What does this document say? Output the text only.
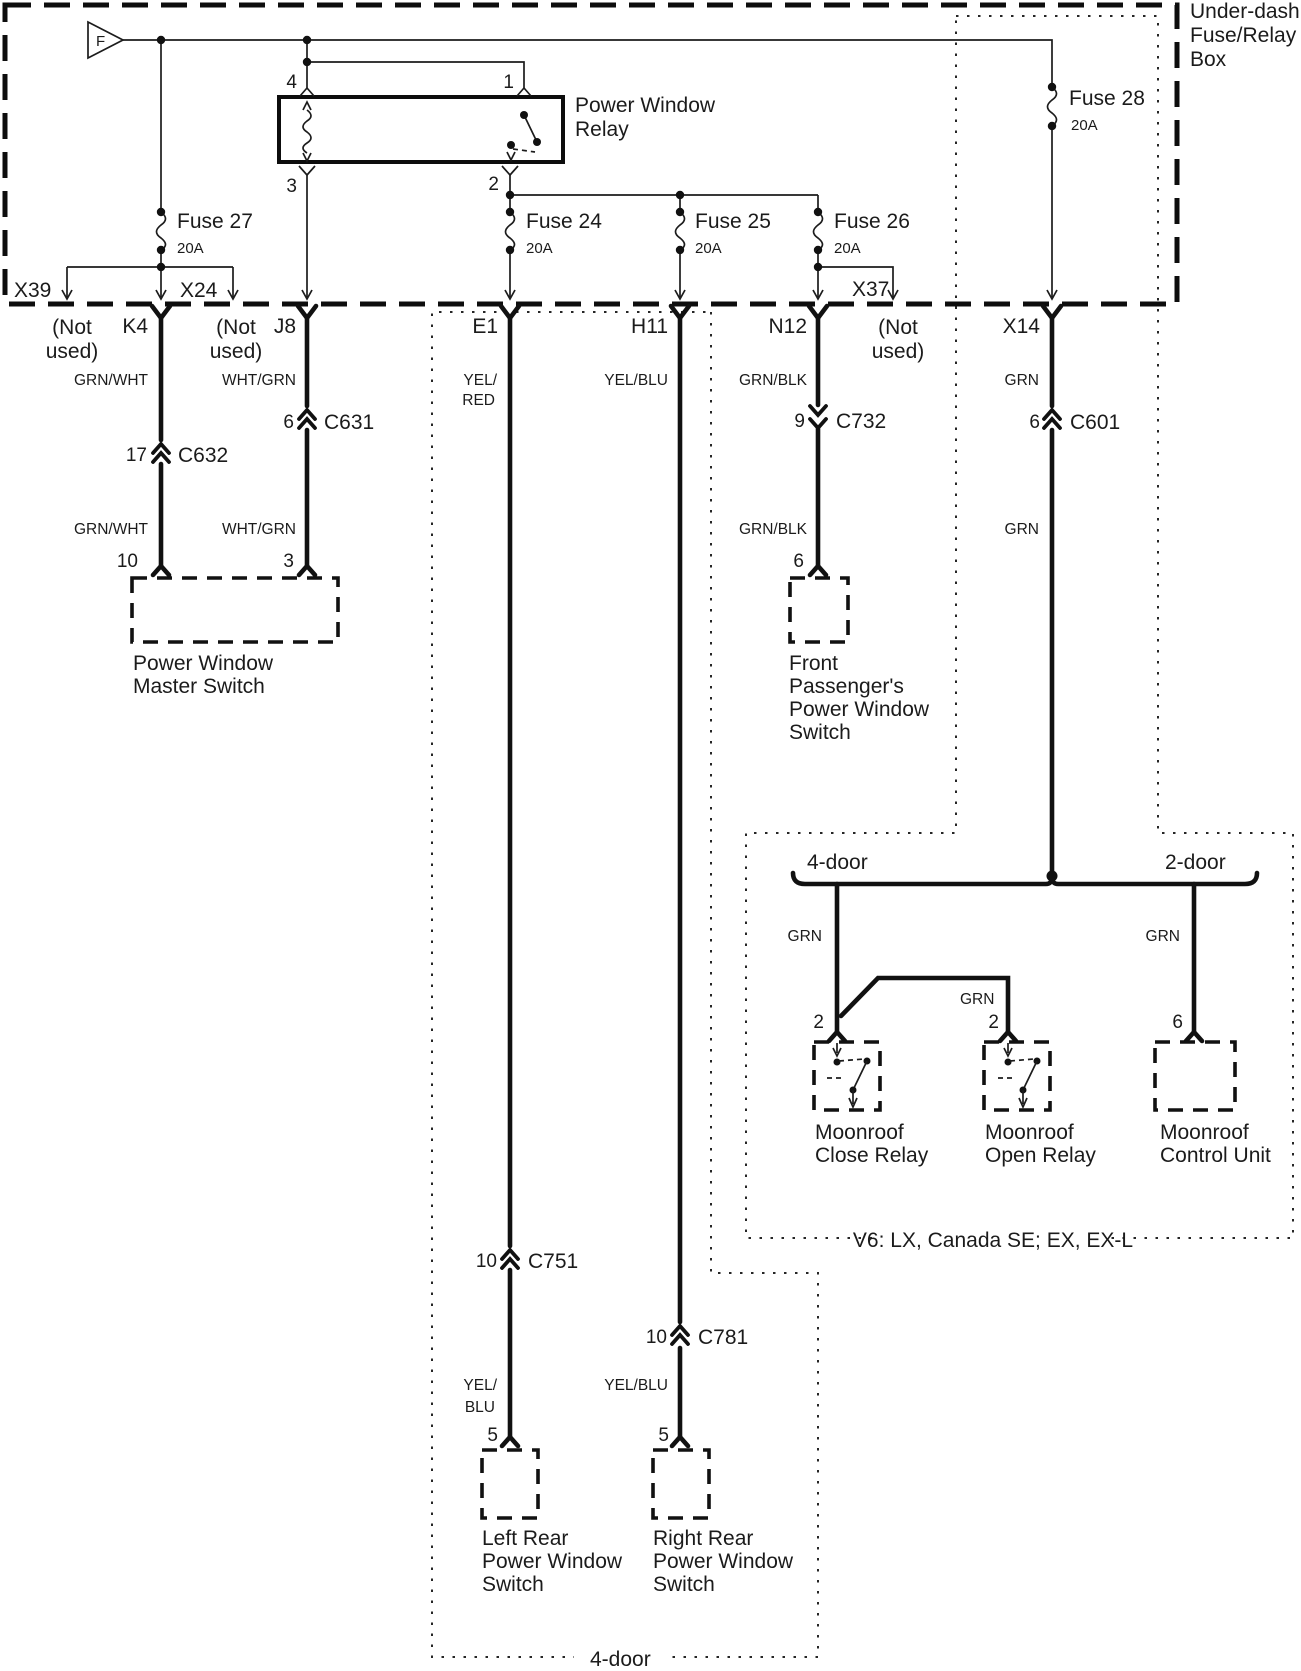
Under-dash
Fuse/Relay
Box
F
Power Window
Relay
4	1
3	2
Fuse 27
20A
Fuse 24
20A
Fuse 25
20A
Fuse 26
20A
Fuse 28
20A
X39	X24	X37
(Not
used)
(Not
used)
(Not
used)
K4	J8	E1	H11	N12	X14
GRN/WHT	WHT/GRN	YEL/
RED
YEL/BLU	GRN/BLK	GRN
GRN/WHT	WHT/GRN	GRN/BLK	GRN
17 C632
6 C631	9 C732	6 C601
10 C751
10 C781
10	3	6
Power Window
Master Switch
Front
Passenger's
Power Window
Switch
4-door	2-door
GRN
GRN
GRN
2	2	6
Moonroof
Close Relay
Moonroof
Open Relay
Moonroof
Control Unit
V6: LX, Canada SE; EX, EX-L
YEL/
BLU
YEL/BLU
5	5
Left Rear
Power Window
Switch
Right Rear
Power Window
Switch
4-door
